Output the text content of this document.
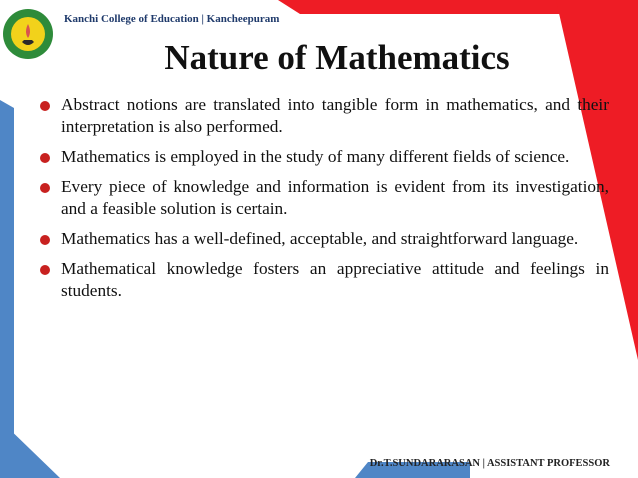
Kanchi College of Education | Kancheepuram
Nature of Mathematics
Abstract notions are translated into tangible form in mathematics, and their interpretation is also performed.
Mathematics is employed in the study of many different fields of science.
Every piece of knowledge and information is evident from its investigation, and a feasible solution is certain.
Mathematics has a well-defined, acceptable, and straightforward language.
Mathematical knowledge fosters an appreciative attitude and feelings in students.
Dr.T.SUNDARARASAN | ASSISTANT PROFESSOR
